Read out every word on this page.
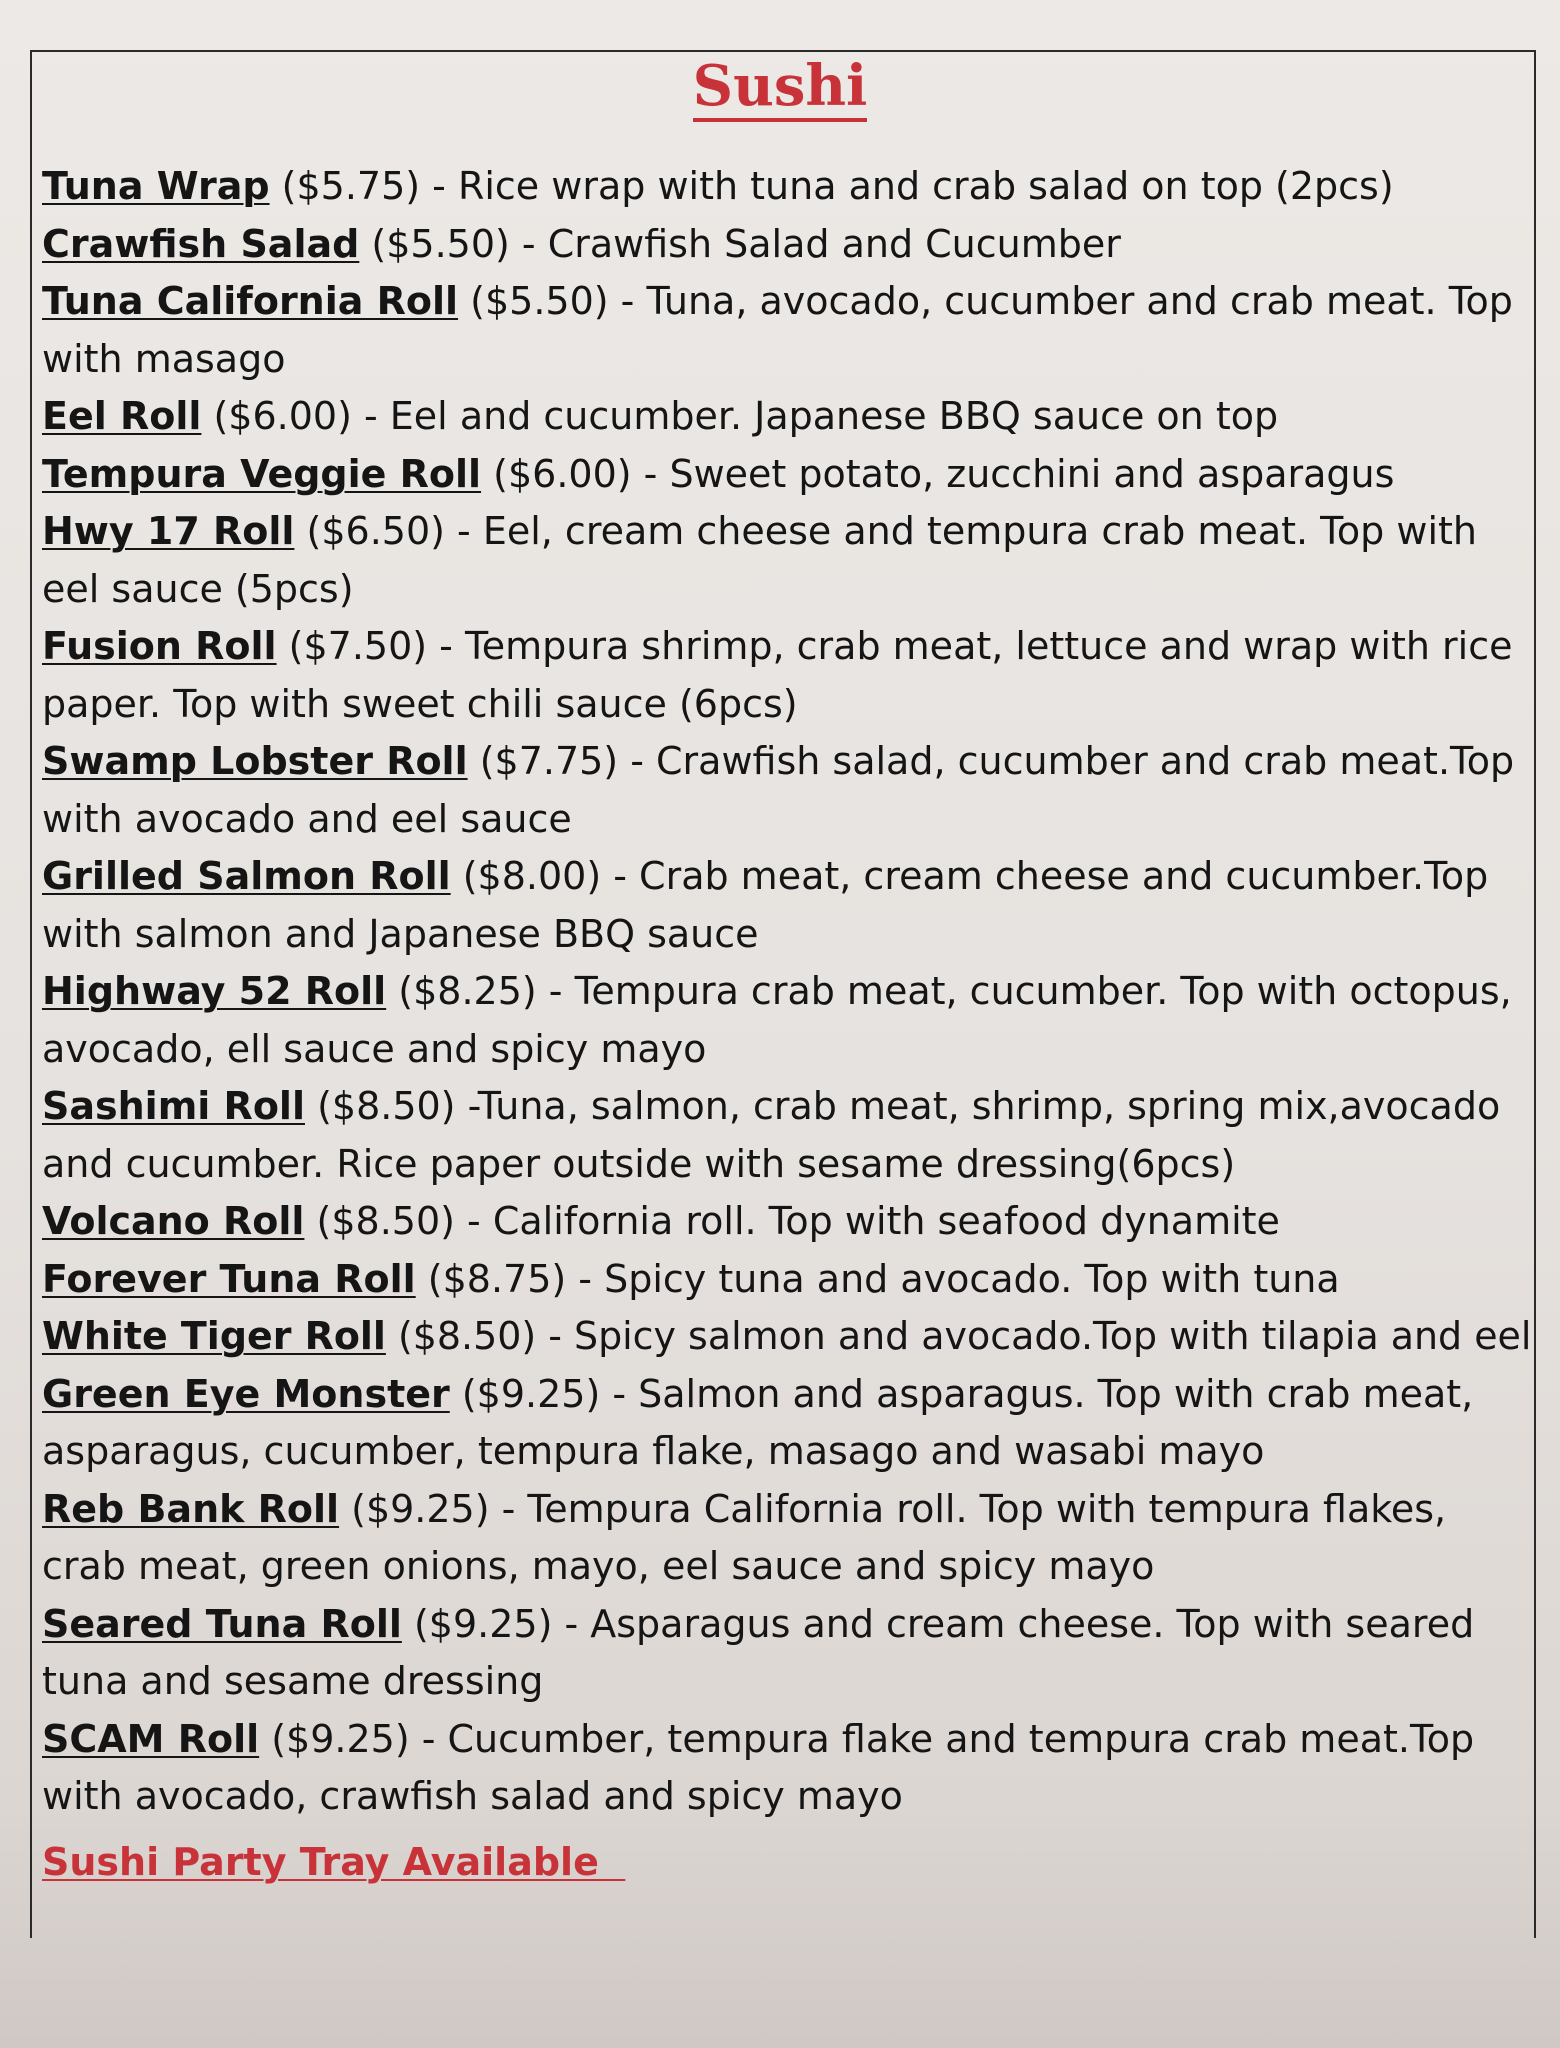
Sushi
Tuna Wrap ($5.75) - Rice wrap with tuna and crab salad on top (2pcs)
Crawfish Salad ($5.50) - Crawfish Salad and Cucumber
Tuna California Roll ($5.50) - Tuna, avocado, cucumber and crab meat. Top
with masago
Eel Roll ($6.00) - Eel and cucumber. Japanese BBQ sauce on top
Tempura Veggie Roll ($6.00) - Sweet potato, zucchini and asparagus
Hwy 17 Roll ($6.50) - Eel, cream cheese and tempura crab meat. Top with
eel sauce (5pcs)
Fusion Roll ($7.50) - Tempura shrimp, crab meat, lettuce and wrap with rice
paper. Top with sweet chili sauce (6pcs)
Swamp Lobster Roll ($7.75) - Crawfish salad, cucumber and crab meat.Top
with avocado and eel sauce
Grilled Salmon Roll ($8.00) - Crab meat, cream cheese and cucumber.Top
with salmon and Japanese BBQ sauce
Highway 52 Roll ($8.25) - Tempura crab meat, cucumber. Top with octopus,
avocado, ell sauce and spicy mayo
Sashimi Roll ($8.50) -Tuna, salmon, crab meat, shrimp, spring mix,avocado
and cucumber. Rice paper outside with sesame dressing(6pcs)
Volcano Roll ($8.50) - California roll. Top with seafood dynamite
Forever Tuna Roll ($8.75) - Spicy tuna and avocado. Top with tuna
White Tiger Roll ($8.50) - Spicy salmon and avocado.Top with tilapia and eel
Green Eye Monster ($9.25) - Salmon and asparagus. Top with crab meat,
asparagus, cucumber, tempura flake, masago and wasabi mayo
Reb Bank Roll ($9.25) - Tempura California roll. Top with tempura flakes,
crab meat, green onions, mayo, eel sauce and spicy mayo
Seared Tuna Roll ($9.25) - Asparagus and cream cheese. Top with seared
tuna and sesame dressing
SCAM Roll ($9.25) - Cucumber, tempura flake and tempura crab meat.Top
with avocado, crawfish salad and spicy mayo
Sushi Party Tray Available
